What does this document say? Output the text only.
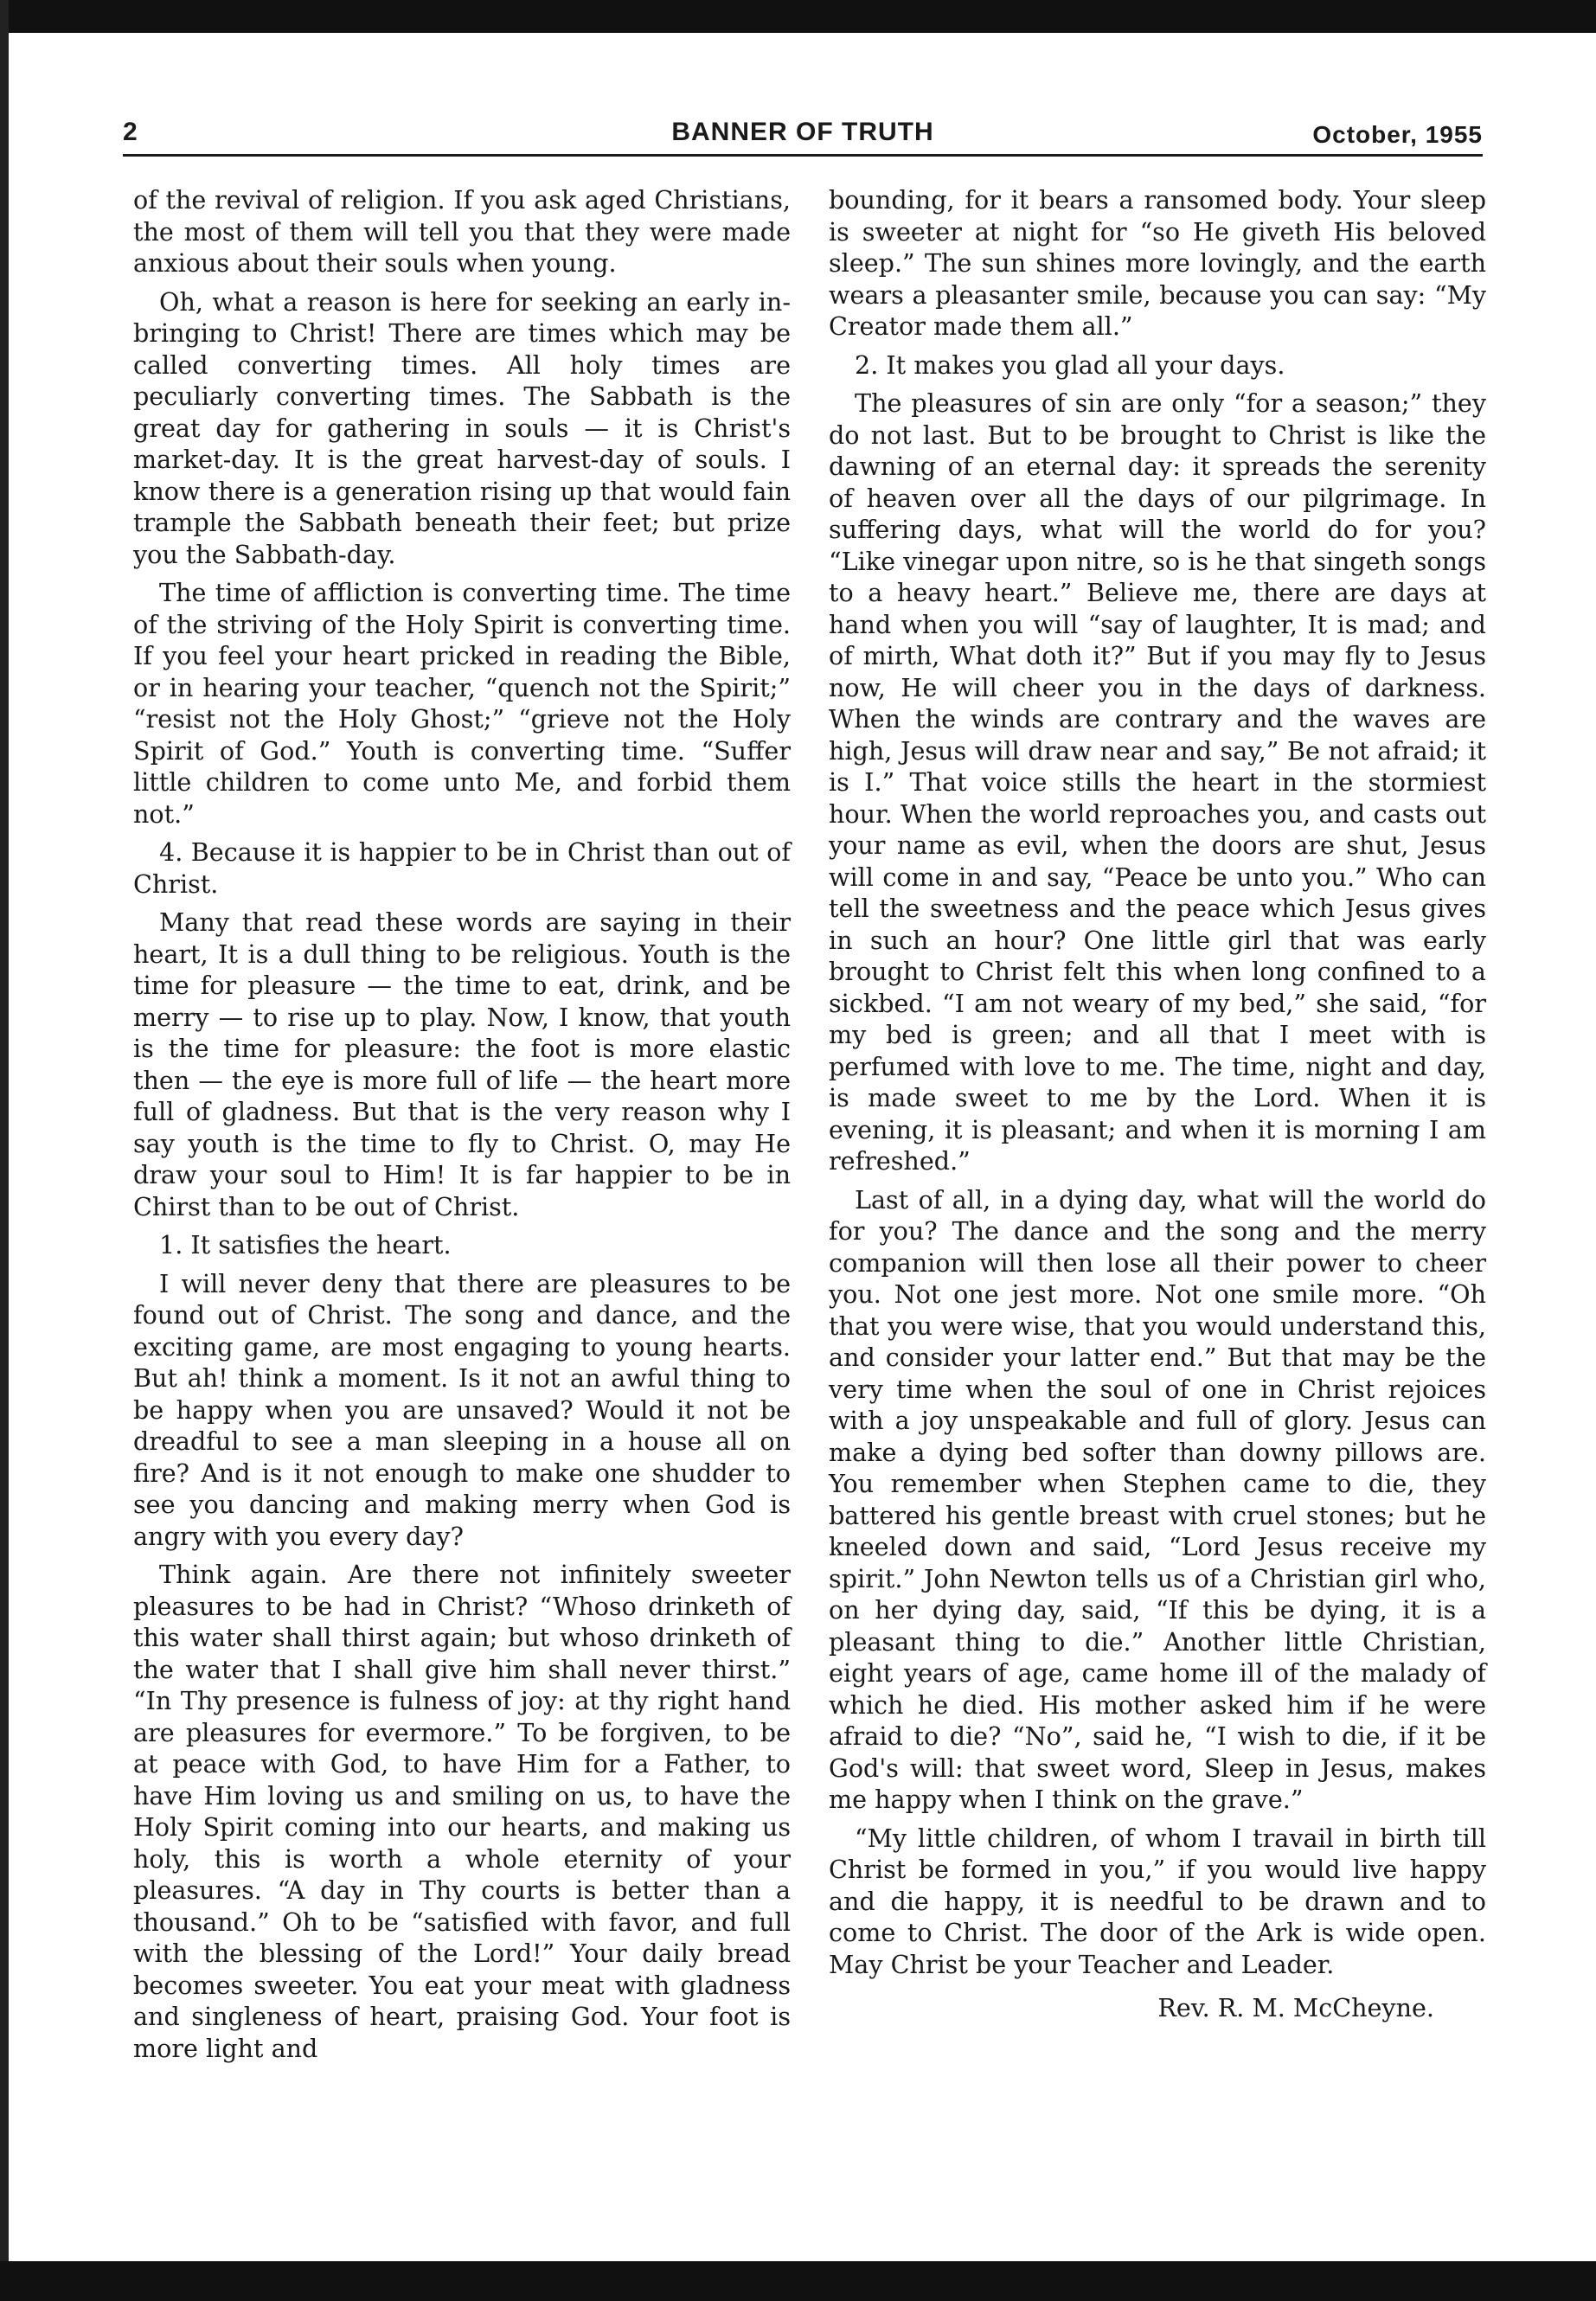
2	BANNER OF TRUTH	October, 1955

of the revival of religion. If you ask aged Christians, the most of them will tell you that they were made anxious about their souls when young.

Oh, what a reason is here for seeking an early in-bringing to Christ! There are times which may be called converting times. All holy times are peculiarly converting times. The Sabbath is the great day for gathering in souls — it is Christ's market-day. It is the great harvest-day of souls. I know there is a generation rising up that would fain trample the Sabbath beneath their feet; but prize you the Sabbath-day.

The time of affliction is converting time. The time of the striving of the Holy Spirit is converting time. If you feel your heart pricked in reading the Bible, or in hearing your teacher, “quench not the Spirit;” “resist not the Holy Ghost;” “grieve not the Holy Spirit of God.” Youth is converting time. “Suffer little children to come unto Me, and forbid them not.”

4. Because it is happier to be in Christ than out of Christ.

Many that read these words are saying in their heart, It is a dull thing to be religious. Youth is the time for pleasure — the time to eat, drink, and be merry — to rise up to play. Now, I know, that youth is the time for pleasure: the foot is more elastic then — the eye is more full of life — the heart more full of gladness. But that is the very reason why I say youth is the time to fly to Christ. O, may He draw your soul to Him! It is far happier to be in Chirst than to be out of Christ.

1. It satisfies the heart.

I will never deny that there are pleasures to be found out of Christ. The song and dance, and the exciting game, are most engaging to young hearts. But ah! think a moment. Is it not an awful thing to be happy when you are unsaved? Would it not be dreadful to see a man sleeping in a house all on fire? And is it not enough to make one shudder to see you dancing and making merry when God is angry with you every day?

Think again. Are there not infinitely sweeter pleasures to be had in Christ? “Whoso drinketh of this water shall thirst again; but whoso drinketh of the water that I shall give him shall never thirst.” “In Thy presence is fulness of joy: at thy right hand are pleasures for evermore.” To be forgiven, to be at peace with God, to have Him for a Father, to have Him loving us and smiling on us, to have the Holy Spirit coming into our hearts, and making us holy, this is worth a whole eternity of your pleasures. “A day in Thy courts is better than a thousand.” Oh to be “satisfied with favor, and full with the blessing of the Lord!” Your daily bread becomes sweeter. You eat your meat with gladness and singleness of heart, praising God. Your foot is more light and

bounding, for it bears a ransomed body. Your sleep is sweeter at night for “so He giveth His beloved sleep.” The sun shines more lovingly, and the earth wears a pleasanter smile, because you can say: “My Creator made them all.”

2. It makes you glad all your days.

The pleasures of sin are only “for a season;” they do not last. But to be brought to Christ is like the dawning of an eternal day: it spreads the serenity of heaven over all the days of our pilgrimage. In suffering days, what will the world do for you? “Like vinegar upon nitre, so is he that singeth songs to a heavy heart.” Believe me, there are days at hand when you will “say of laughter, It is mad; and of mirth, What doth it?” But if you may fly to Jesus now, He will cheer you in the days of darkness. When the winds are contrary and the waves are high, Jesus will draw near and say,” Be not afraid; it is I.” That voice stills the heart in the stormiest hour. When the world reproaches you, and casts out your name as evil, when the doors are shut, Jesus will come in and say, “Peace be unto you.” Who can tell the sweetness and the peace which Jesus gives in such an hour? One little girl that was early brought to Christ felt this when long confined to a sickbed. “I am not weary of my bed,” she said, “for my bed is green; and all that I meet with is perfumed with love to me. The time, night and day, is made sweet to me by the Lord. When it is evening, it is pleasant; and when it is morning I am refreshed.”

Last of all, in a dying day, what will the world do for you? The dance and the song and the merry companion will then lose all their power to cheer you. Not one jest more. Not one smile more. “Oh that you were wise, that you would understand this, and consider your latter end.” But that may be the very time when the soul of one in Christ rejoices with a joy unspeakable and full of glory. Jesus can make a dying bed softer than downy pillows are. You remember when Stephen came to die, they battered his gentle breast with cruel stones; but he kneeled down and said, “Lord Jesus receive my spirit.” John Newton tells us of a Christian girl who, on her dying day, said, “If this be dying, it is a pleasant thing to die.” Another little Christian, eight years of age, came home ill of the malady of which he died. His mother asked him if he were afraid to die? “No”, said he, “I wish to die, if it be God's will: that sweet word, Sleep in Jesus, makes me happy when I think on the grave.”

“My little children, of whom I travail in birth till Christ be formed in you,” if you would live happy and die happy, it is needful to be drawn and to come to Christ. The door of the Ark is wide open. May Christ be your Teacher and Leader.

Rev. R. M. McCheyne.
